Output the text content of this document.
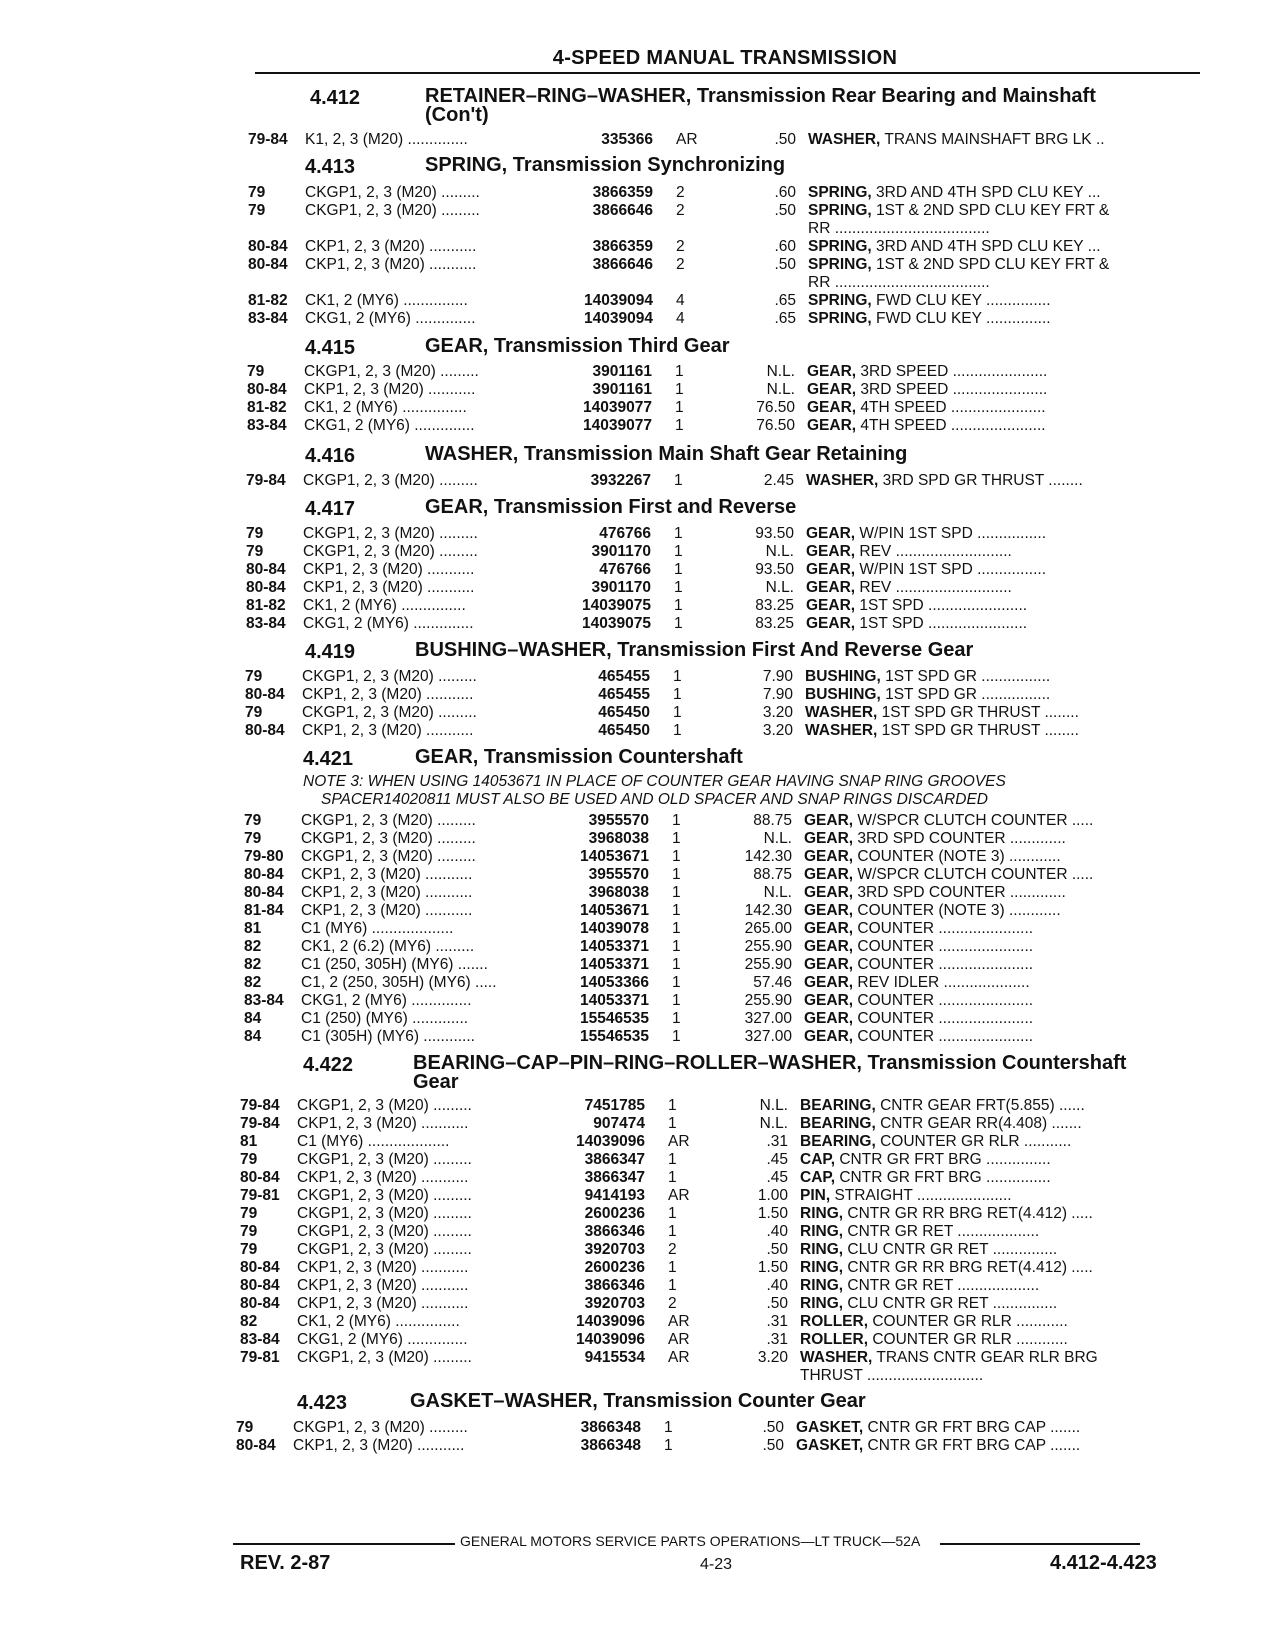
4-SPEED MANUAL TRANSMISSION
4.412	RETAINER–RING–WASHER, Transmission Rear Bearing and Mainshaft (Con't)
79-84 K1, 2, 3 (M20) ..............	335366 AR	.50 WASHER, TRANS MAINSHAFT BRG LK ..
4.413	SPRING, Transmission Synchronizing
79	CKGP1, 2, 3 (M20) .........	3866359 2	.60 SPRING, 3RD AND 4TH SPD CLU KEY ...
79	CKGP1, 2, 3 (M20) .........	3866646 2	.50 SPRING, 1ST & 2ND SPD CLU KEY FRT &
RR ....................................
80-84 CKP1, 2, 3 (M20) ...........	3866359 2	.60 SPRING, 3RD AND 4TH SPD CLU KEY ...
80-84 CKP1, 2, 3 (M20) ...........	3866646 2	.50 SPRING, 1ST & 2ND SPD CLU KEY FRT &
RR ....................................
81-82 CK1, 2 (MY6) ...............	14039094 4	.65 SPRING, FWD CLU KEY ...............
83-84 CKG1, 2 (MY6) ..............	14039094 4	.65 SPRING, FWD CLU KEY ...............
4.415	GEAR, Transmission Third Gear
79	CKGP1, 2, 3 (M20) .........	3901161 1	N.L. GEAR, 3RD SPEED ......................
80-84 CKP1, 2, 3 (M20) ...........	3901161 1	N.L. GEAR, 3RD SPEED ......................
81-82 CK1, 2 (MY6) ...............	14039077 1	76.50 GEAR, 4TH SPEED ......................
83-84 CKG1, 2 (MY6) ..............	14039077 1	76.50 GEAR, 4TH SPEED ......................
4.416	WASHER, Transmission Main Shaft Gear Retaining
79-84 CKGP1, 2, 3 (M20) .........	3932267 1	2.45 WASHER, 3RD SPD GR THRUST ........
4.417	GEAR, Transmission First and Reverse
79	CKGP1, 2, 3 (M20) .........	476766 1	93.50 GEAR, W/PIN 1ST SPD ................
79	CKGP1, 2, 3 (M20) .........	3901170 1	N.L. GEAR, REV ...........................
80-84 CKP1, 2, 3 (M20) ...........	476766 1	93.50 GEAR, W/PIN 1ST SPD ................
80-84 CKP1, 2, 3 (M20) ...........	3901170 1	N.L. GEAR, REV ...........................
81-82 CK1, 2 (MY6) ...............	14039075 1	83.25 GEAR, 1ST SPD .......................
83-84 CKG1, 2 (MY6) ..............	14039075 1	83.25 GEAR, 1ST SPD .......................
4.419	BUSHING–WASHER, Transmission First And Reverse Gear
79	CKGP1, 2, 3 (M20) .........	465455 1	7.90 BUSHING, 1ST SPD GR ................
80-84 CKP1, 2, 3 (M20) ...........	465455 1	7.90 BUSHING, 1ST SPD GR ................
79	CKGP1, 2, 3 (M20) .........	465450 1	3.20 WASHER, 1ST SPD GR THRUST ........
80-84 CKP1, 2, 3 (M20) ...........	465450 1	3.20 WASHER, 1ST SPD GR THRUST ........
4.421	GEAR, Transmission Countershaft
NOTE 3: WHEN USING 14053671 IN PLACE OF COUNTER GEAR HAVING SNAP RING GROOVES
SPACER14020811 MUST ALSO BE USED AND OLD SPACER AND SNAP RINGS DISCARDED
79	CKGP1, 2, 3 (M20) .........	3955570 1	88.75 GEAR, W/SPCR CLUTCH COUNTER .....
79	CKGP1, 2, 3 (M20) .........	3968038 1	N.L. GEAR, 3RD SPD COUNTER .............
79-80 CKGP1, 2, 3 (M20) .........	14053671 1	142.30 GEAR, COUNTER (NOTE 3) ............
80-84 CKP1, 2, 3 (M20) ...........	3955570 1	88.75 GEAR, W/SPCR CLUTCH COUNTER .....
80-84 CKP1, 2, 3 (M20) ...........	3968038 1	N.L. GEAR, 3RD SPD COUNTER .............
81-84 CKP1, 2, 3 (M20) ...........	14053671 1	142.30 GEAR, COUNTER (NOTE 3) ............
81	C1 (MY6) ...................	14039078 1	265.00 GEAR, COUNTER ......................
82	CK1, 2 (6.2) (MY6) .........	14053371 1	255.90 GEAR, COUNTER ......................
82	C1 (250, 305H) (MY6) .......	14053371 1	255.90 GEAR, COUNTER ......................
82	C1, 2 (250, 305H) (MY6) .....	14053366 1	57.46 GEAR, REV IDLER ....................
83-84 CKG1, 2 (MY6) ..............	14053371 1	255.90 GEAR, COUNTER ......................
84	C1 (250) (MY6) .............	15546535 1	327.00 GEAR, COUNTER ......................
84	C1 (305H) (MY6) ............	15546535 1	327.00 GEAR, COUNTER ......................
4.422	BEARING–CAP–PIN–RING–ROLLER–WASHER, Transmission Countershaft Gear
79-84 CKGP1, 2, 3 (M20) .........	7451785 1	N.L. BEARING, CNTR GEAR FRT(5.855) ......
79-84 CKP1, 2, 3 (M20) ...........	907474 1	N.L. BEARING, CNTR GEAR RR(4.408) .......
81	C1 (MY6) ...................	14039096 AR	.31 BEARING, COUNTER GR RLR ...........
79	CKGP1, 2, 3 (M20) .........	3866347 1	.45 CAP, CNTR GR FRT BRG ...............
80-84 CKP1, 2, 3 (M20) ...........	3866347 1	.45 CAP, CNTR GR FRT BRG ...............
79-81 CKGP1, 2, 3 (M20) .........	9414193 AR	1.00 PIN, STRAIGHT ......................
79	CKGP1, 2, 3 (M20) .........	2600236 1	1.50 RING, CNTR GR RR BRG RET(4.412) .....
79	CKGP1, 2, 3 (M20) .........	3866346 1	.40 RING, CNTR GR RET ...................
79	CKGP1, 2, 3 (M20) .........	3920703 2	.50 RING, CLU CNTR GR RET ...............
80-84 CKP1, 2, 3 (M20) ...........	2600236 1	1.50 RING, CNTR GR RR BRG RET(4.412) .....
80-84 CKP1, 2, 3 (M20) ...........	3866346 1	.40 RING, CNTR GR RET ...................
80-84 CKP1, 2, 3 (M20) ...........	3920703 2	.50 RING, CLU CNTR GR RET ...............
82	CK1, 2 (MY6) ...............	14039096 AR	.31 ROLLER, COUNTER GR RLR ............
83-84 CKG1, 2 (MY6) ..............	14039096 AR	.31 ROLLER, COUNTER GR RLR ............
79-81 CKGP1, 2, 3 (M20) .........	9415534 AR	3.20 WASHER, TRANS CNTR GEAR RLR BRG
THRUST ...........................
4.423	GASKET–WASHER, Transmission Counter Gear
79	CKGP1, 2, 3 (M20) .........	3866348 1	.50 GASKET, CNTR GR FRT BRG CAP .......
80-84 CKP1, 2, 3 (M20) ...........	3866348 1	.50 GASKET, CNTR GR FRT BRG CAP .......
GENERAL MOTORS SERVICE PARTS OPERATIONS—LT TRUCK—52A
REV. 2-87	4-23	4.412-4.423
